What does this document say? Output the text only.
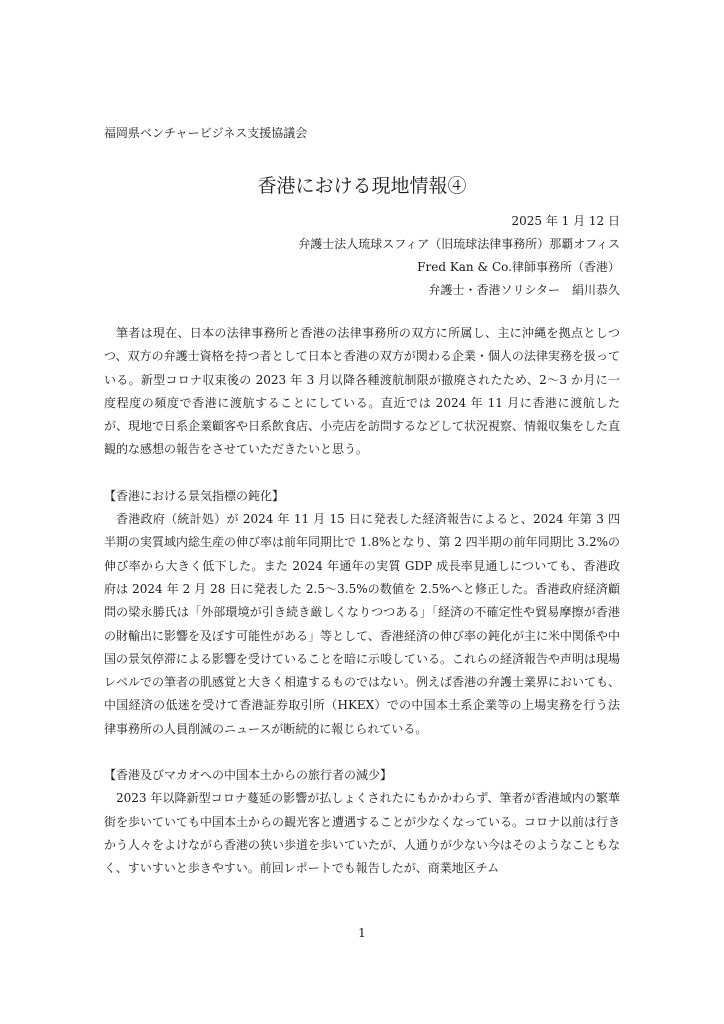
福岡県ベンチャービジネス支援協議会
香港における現地情報④
2025 年 1 月 12 日
弁護士法人琉球スフィア（旧琉球法律事務所）那覇オフィス
Fred Kan & Co.律師事務所（香港）
弁護士・香港ソリシター　絹川恭久

筆者は現在、日本の法律事務所と香港の法律事務所の双方に所属し、主に沖縄を拠点としつつ、双方の弁護士資格を持つ者として日本と香港の双方が関わる企業・個人の法律実務を扱っている。新型コロナ収束後の 2023 年 3 月以降各種渡航制限が撤廃されたため、2〜3 か月に一度程度の頻度で香港に渡航することにしている。直近では 2024 年 11 月に香港に渡航したが、現地で日系企業顧客や日系飲食店、小売店を訪問するなどして状況視察、情報収集をした直観的な感想の報告をさせていただきたいと思う。

【香港における景気指標の鈍化】

香港政府（統計処）が 2024 年 11 月 15 日に発表した経済報告によると、2024 年第 3 四半期の実質域内総生産の伸び率は前年同期比で 1.8%となり、第 2 四半期の前年同期比 3.2%の伸び率から大きく低下した。また 2024 年通年の実質 GDP 成長率見通しについても、香港政府は 2024 年 2 月 28 日に発表した 2.5〜3.5%の数値を 2.5%へと修正した。香港政府経済顧問の梁永勝氏は「外部環境が引き続き厳しくなりつつある」「経済の不確定性や貿易摩擦が香港の財輸出に影響を及ぼす可能性がある」等として、香港経済の伸び率の鈍化が主に米中関係や中国の景気停滞による影響を受けていることを暗に示唆している。これらの経済報告や声明は現場レベルでの筆者の肌感覚と大きく相違するものではない。例えば香港の弁護士業界においても、中国経済の低迷を受けて香港証券取引所（HKEX）での中国本土系企業等の上場実務を行う法律事務所の人員削減のニュースが断続的に報じられている。

【香港及びマカオへの中国本土からの旅行者の減少】

2023 年以降新型コロナ蔓延の影響が払しょくされたにもかかわらず、筆者が香港域内の繁華街を歩いていても中国本土からの観光客と遭遇することが少なくなっている。コロナ以前は行きかう人々をよけながら香港の狭い歩道を歩いていたが、人通りが少ない今はそのようなこともなく、すいすいと歩きやすい。前回レポートでも報告したが、商業地区チム

1
